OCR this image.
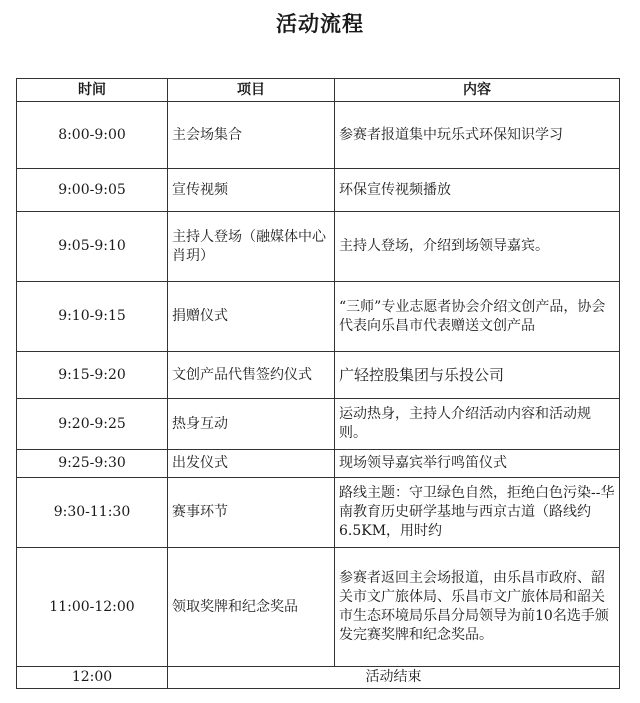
活动流程
时间	项目	内容
8:00-9:00	主会场集合	参赛者报道集中玩乐式环保知识学习
9:00-9:05	宣传视频	环保宣传视频播放
9:05-9:10	主持人登场（融媒体中心 肖玥）	主持人登场，介绍到场领导嘉宾。
9:10-9:15	捐赠仪式	“三师”专业志愿者协会介绍文创产品，协会代表向乐昌市代表赠送文创产品
9:15-9:20	文创产品代售签约仪式	广轻控股集团与乐投公司
9:20-9:25	热身互动	运动热身，主持人介绍活动内容和活动规则。
9:25-9:30	出发仪式	现场领导嘉宾举行鸣笛仪式
9:30-11:30	赛事环节	路线主题：守卫绿色自然，拒绝白色污染--华南教育历史研学基地与西京古道（路线约6.5KM，用时约
11:00-12:00	领取奖牌和纪念奖品	参赛者返回主会场报道，由乐昌市政府、韶关市文广旅体局、乐昌市文广旅体局和韶关市生态环境局乐昌分局领导为前10名选手颁发完赛奖牌和纪念奖品。
12:00	活动结束	
